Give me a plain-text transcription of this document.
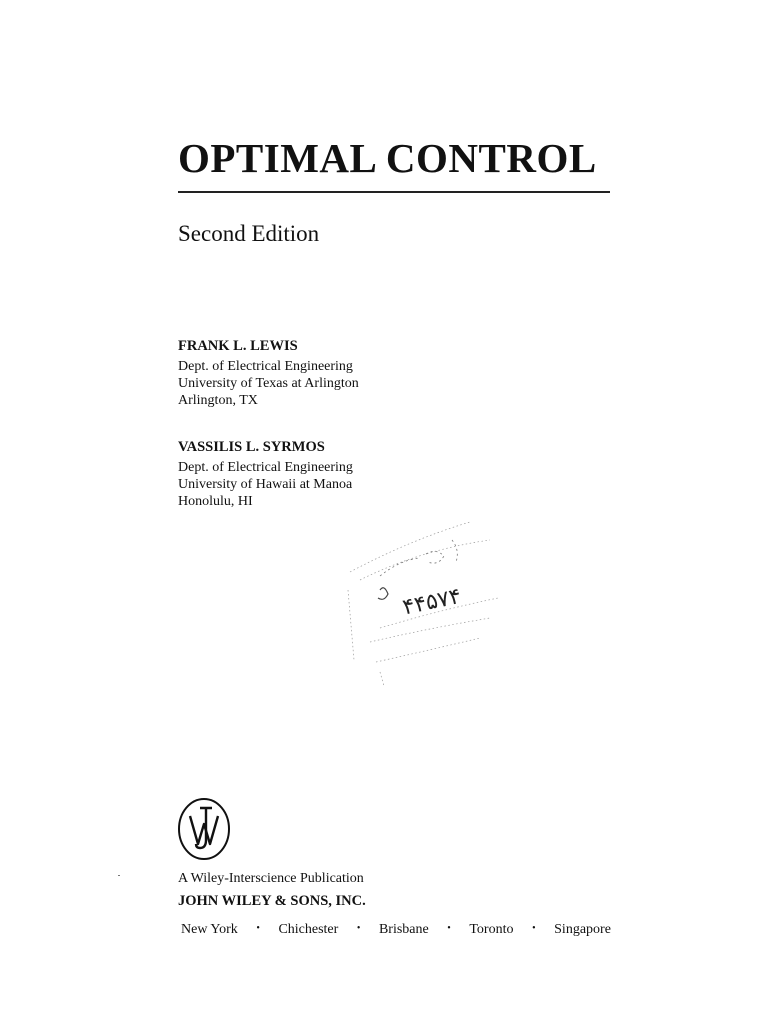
OPTIMAL CONTROL
Second Edition
FRANK L. LEWIS
Dept. of Electrical Engineering
University of Texas at Arlington
Arlington, TX
VASSILIS L. SYRMOS
Dept. of Electrical Engineering
University of Hawaii at Manoa
Honolulu, HI
۴۴۵۷۴
A Wiley-Interscience Publication
JOHN WILEY & SONS, INC.
New York • Chichester • Brisbane • Toronto • Singapore
